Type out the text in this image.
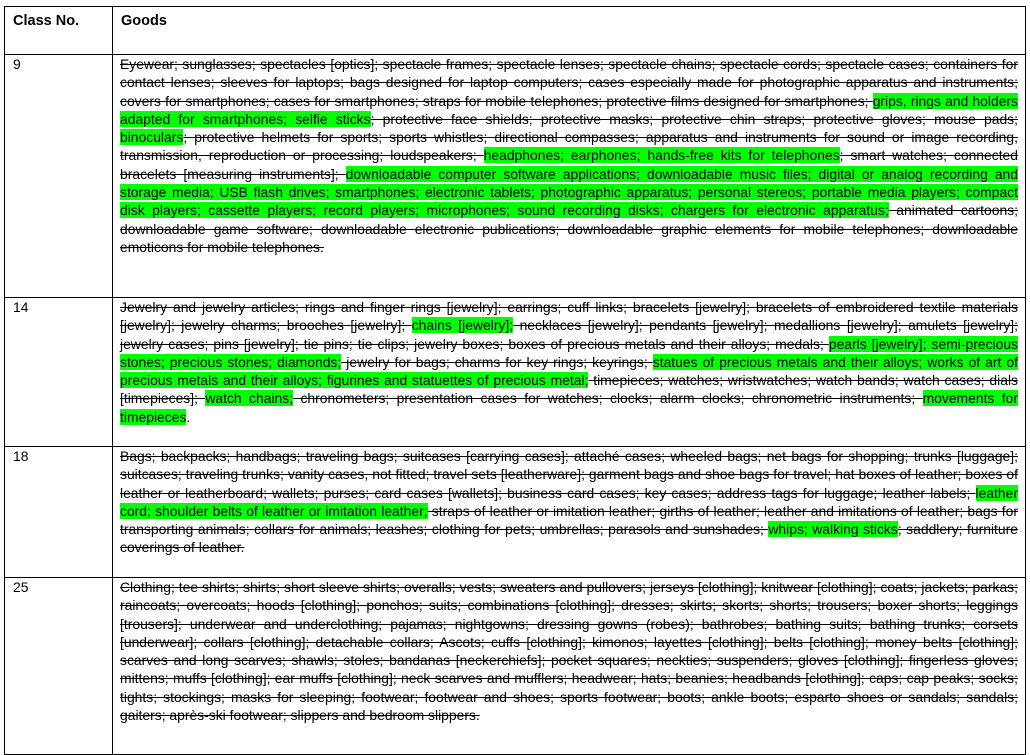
Class No.	Goods
9	Eyewear; sunglasses; spectacles [optics]; spectacle frames; spectacle lenses; spectacle chains; spectacle cords; spectacle cases; containers for contact lenses; sleeves for laptops; bags designed for laptop computers; cases especially made for photographic apparatus and instruments; covers for smartphones; cases for smartphones; straps for mobile telephones; protective films designed for smartphones; grips, rings and holders adapted for smartphones; selfie sticks; protective face shields; protective masks; protective chin straps; protective gloves; mouse pads; binoculars; protective helmets for sports; sports whistles; directional compasses; apparatus and instruments for sound or image recording, transmission, reproduction or processing; loudspeakers; headphones; earphones; hands-free kits for telephones; smart watches; connected bracelets [measuring instruments]; downloadable computer software applications; downloadable music files; digital or analog recording and storage media; USB flash drives; smartphones; electronic tablets; photographic apparatus; personal stereos; portable media players; compact disk players; cassette players; record players; microphones; sound recording disks; chargers for electronic apparatus; animated cartoons; downloadable game software; downloadable electronic publications; downloadable graphic elements for mobile telephones; downloadable emoticons for mobile telephones.
14	Jewelry and jewelry articles; rings and finger rings [jewelry]; earrings; cuff links; bracelets [jewelry]; bracelets of embroidered textile materials [jewelry]; jewelry charms; brooches [jewelry]; chains [jewelry]; necklaces [jewelry]; pendants [jewelry]; medallions [jewelry]; amulets [jewelry]; jewelry cases; pins [jewelry]; tie pins; tie clips; jewelry boxes; boxes of precious metals and their alloys; medals; pearls [jewelry]; semi-precious stones; precious stones; diamonds; jewelry for bags; charms for key rings; keyrings; statues of precious metals and their alloys; works of art of precious metals and their alloys; figurines and statuettes of precious metal; timepieces; watches; wristwatches; watch bands; watch cases; dials [timepieces]; watch chains; chronometers; presentation cases for watches; clocks; alarm clocks; chronometric instruments; movements for timepieces.
18	Bags; backpacks; handbags; traveling bags; suitcases [carrying cases]; attaché cases; wheeled bags; net bags for shopping; trunks [luggage]; suitcases; traveling trunks; vanity cases, not fitted; travel sets [leatherware]; garment bags and shoe bags for travel; hat boxes of leather; boxes of leather or leatherboard; wallets; purses; card cases [wallets]; business card cases; key cases; address tags for luggage; leather labels; leather cord; shoulder belts of leather or imitation leather; straps of leather or imitation leather; girths of leather; leather and imitations of leather; bags for transporting animals; collars for animals; leashes; clothing for pets; umbrellas; parasols and sunshades; whips; walking sticks; saddlery; furniture coverings of leather.
25	Clothing; tee shirts; shirts; short sleeve shirts; overalls; vests; sweaters and pullovers; jerseys [clothing]; knitwear [clothing]; coats; jackets; parkas; raincoats; overcoats; hoods [clothing]; ponchos; suits; combinations [clothing]; dresses; skirts; skorts; shorts; trousers; boxer shorts; leggings [trousers]; underwear and underclothing; pajamas; nightgowns; dressing gowns (robes); bathrobes; bathing suits; bathing trunks; corsets [underwear]; collars [clothing]; detachable collars; Ascots; cuffs [clothing]; kimonos; layettes [clothing]; belts [clothing]; money belts [clothing]; scarves and long scarves; shawls; stoles; bandanas [neckerchiefs]; pocket squares; neckties; suspenders; gloves [clothing]; fingerless gloves; mittens; muffs [clothing]; ear muffs [clothing]; neck scarves and mufflers; headwear; hats; beanies; headbands [clothing]; caps; cap peaks; socks; tights; stockings; masks for sleeping; footwear; footwear and shoes; sports footwear; boots; ankle boots; esparto shoes or sandals; sandals; gaiters; après-ski footwear; slippers and bedroom slippers.
